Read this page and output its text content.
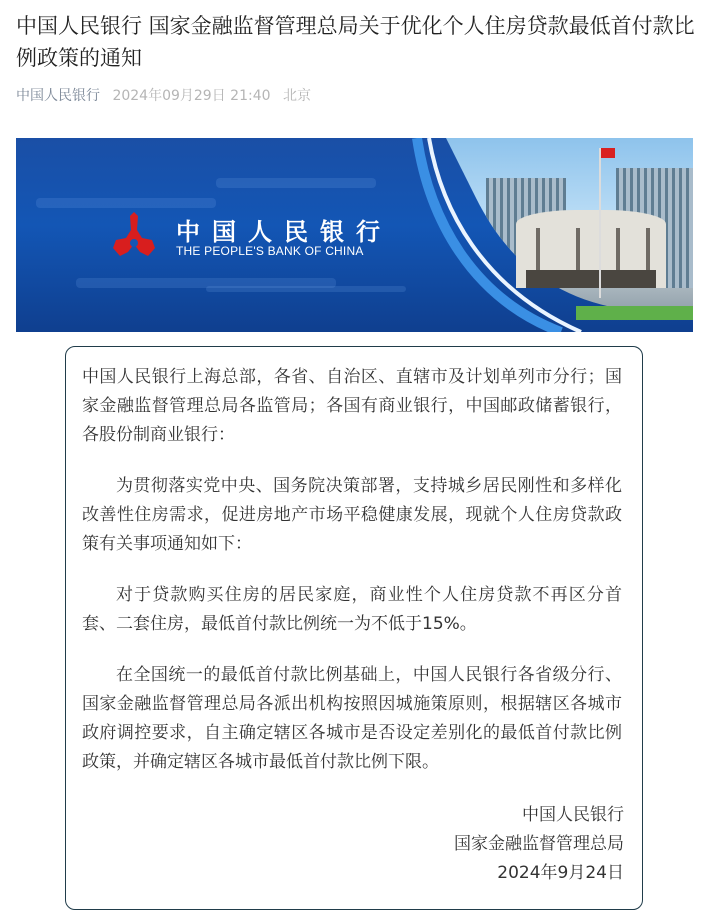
中国人民银行 国家金融监督管理总局关于优化个人住房贷款最低首付款比例政策的通知
中国人民银行 2024年09月29日 21:40 北京
中国人民银行
THE PEOPLE'S BANK OF CHINA

中国人民银行上海总部，各省、自治区、直辖市及计划单列市分行；国家金融监督管理总局各监管局；各国有商业银行，中国邮政储蓄银行，各股份制商业银行：

为贯彻落实党中央、国务院决策部署，支持城乡居民刚性和多样化改善性住房需求，促进房地产市场平稳健康发展，现就个人住房贷款政策有关事项通知如下：

对于贷款购买住房的居民家庭，商业性个人住房贷款不再区分首套、二套住房，最低首付款比例统一为不低于15%。

在全国统一的最低首付款比例基础上，中国人民银行各省级分行、国家金融监督管理总局各派出机构按照因城施策原则，根据辖区各城市政府调控要求，自主确定辖区各城市是否设定差别化的最低首付款比例政策，并确定辖区各城市最低首付款比例下限。

中国人民银行
国家金融监督管理总局
2024年9月24日
